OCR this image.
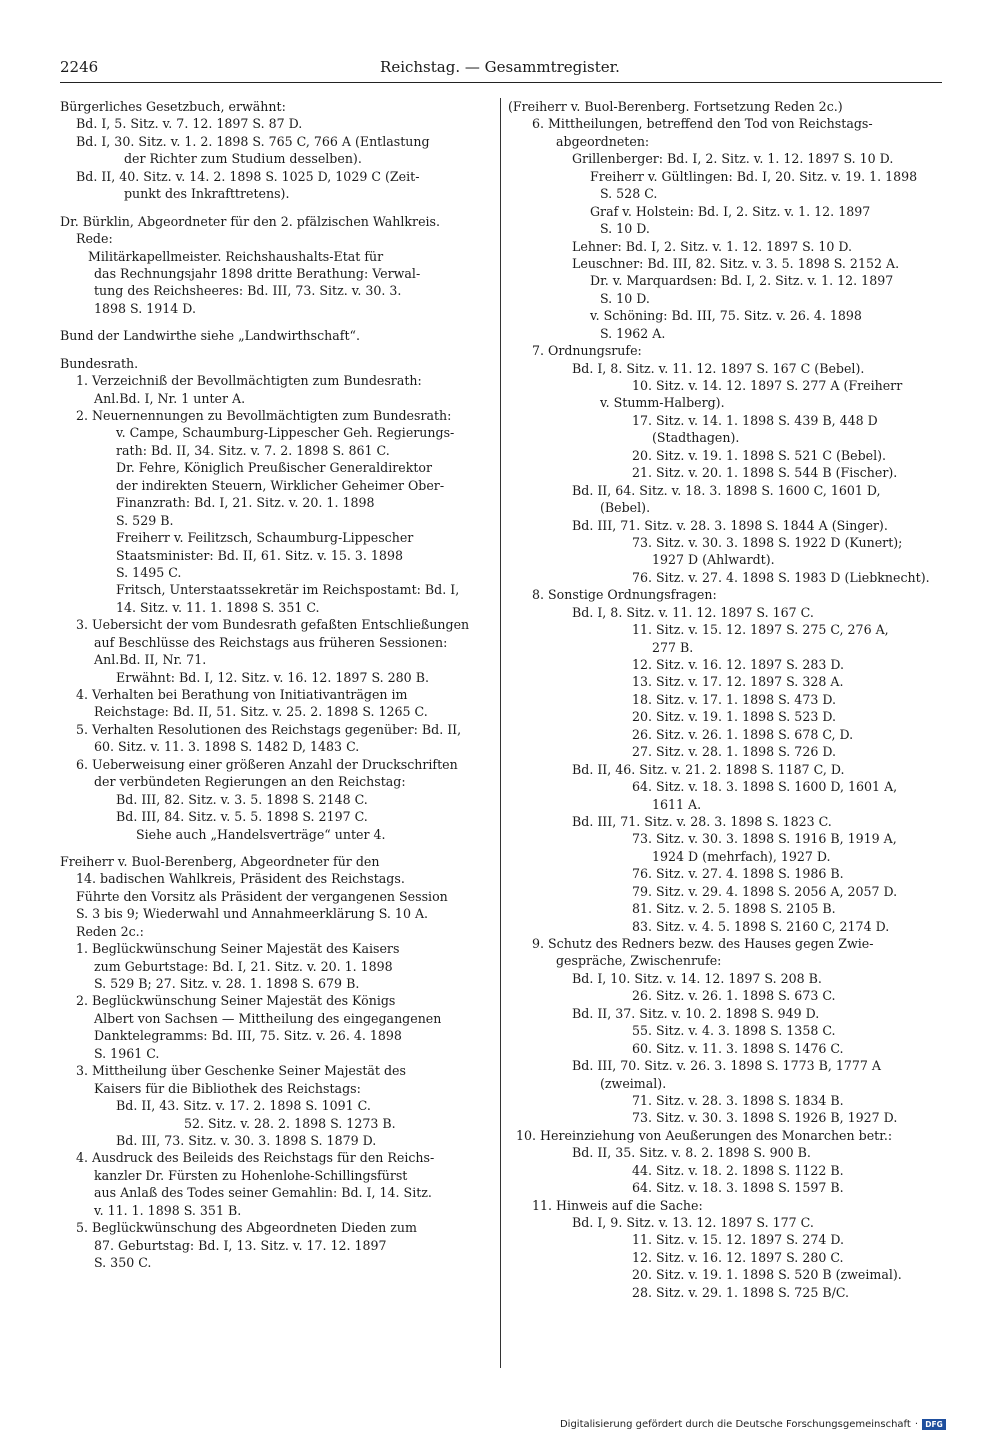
2246	Reichstag. — Gesammtregister.
Bürgerliches Gesetzbuch, erwähnt:
Bd. I, 5. Sitz. v. 7. 12. 1897 S. 87 D.
Bd. I, 30. Sitz. v. 1. 2. 1898 S. 765 C, 766 A (Entlastung
der Richter zum Studium desselben).
Bd. II, 40. Sitz. v. 14. 2. 1898 S. 1025 D, 1029 C (Zeit-
punkt des Inkrafttretens).
Dr. Bürklin, Abgeordneter für den 2. pfälzischen Wahlkreis.
Rede:
Militärkapellmeister. Reichshaushalts-Etat für
das Rechnungsjahr 1898 dritte Berathung: Verwal-
tung des Reichsheeres: Bd. III, 73. Sitz. v. 30. 3.
1898 S. 1914 D.
Bund der Landwirthe siehe „Landwirthschaft“.
Bundesrath.
1. Verzeichniß der Bevollmächtigten zum Bundesrath:
Anl.Bd. I, Nr. 1 unter A.
2. Neuernennungen zu Bevollmächtigten zum Bundesrath:
v. Campe, Schaumburg-Lippescher Geh. Regierungs-
rath: Bd. II, 34. Sitz. v. 7. 2. 1898 S. 861 C.
Dr. Fehre, Königlich Preußischer Generaldirektor
der indirekten Steuern, Wirklicher Geheimer Ober-
Finanzrath: Bd. I, 21. Sitz. v. 20. 1. 1898
S. 529 B.
Freiherr v. Feilitzsch, Schaumburg-Lippescher
Staatsminister: Bd. II, 61. Sitz. v. 15. 3. 1898
S. 1495 C.
Fritsch, Unterstaatssekretär im Reichspostamt: Bd. I,
14. Sitz. v. 11. 1. 1898 S. 351 C.
3. Uebersicht der vom Bundesrath gefaßten Entschließungen
auf Beschlüsse des Reichstags aus früheren Sessionen:
Anl.Bd. II, Nr. 71.
Erwähnt: Bd. I, 12. Sitz. v. 16. 12. 1897 S. 280 B.
4. Verhalten bei Berathung von Initiativanträgen im
Reichstage: Bd. II, 51. Sitz. v. 25. 2. 1898 S. 1265 C.
5. Verhalten Resolutionen des Reichstags gegenüber: Bd. II,
60. Sitz. v. 11. 3. 1898 S. 1482 D, 1483 C.
6. Ueberweisung einer größeren Anzahl der Druckschriften
der verbündeten Regierungen an den Reichstag:
Bd. III, 82. Sitz. v. 3. 5. 1898 S. 2148 C.
Bd. III, 84. Sitz. v. 5. 5. 1898 S. 2197 C.
Siehe auch „Handelsverträge“ unter 4.
Freiherr v. Buol-Berenberg, Abgeordneter für den
14. badischen Wahlkreis, Präsident des Reichstags.
Führte den Vorsitz als Präsident der vergangenen Session
S. 3 bis 9; Wiederwahl und Annahmeerklärung S. 10 A.
Reden 2c.:
1. Beglückwünschung Seiner Majestät des Kaisers
zum Geburtstage: Bd. I, 21. Sitz. v. 20. 1. 1898
S. 529 B; 27. Sitz. v. 28. 1. 1898 S. 679 B.
2. Beglückwünschung Seiner Majestät des Königs
Albert von Sachsen — Mittheilung des eingegangenen
Danktelegramms: Bd. III, 75. Sitz. v. 26. 4. 1898
S. 1961 C.
3. Mittheilung über Geschenke Seiner Majestät des
Kaisers für die Bibliothek des Reichstags:
Bd. II, 43. Sitz. v. 17. 2. 1898 S. 1091 C.
52. Sitz. v. 28. 2. 1898 S. 1273 B.
Bd. III, 73. Sitz. v. 30. 3. 1898 S. 1879 D.
4. Ausdruck des Beileids des Reichstags für den Reichs-
kanzler Dr. Fürsten zu Hohenlohe-Schillingsfürst
aus Anlaß des Todes seiner Gemahlin: Bd. I, 14. Sitz.
v. 11. 1. 1898 S. 351 B.
5. Beglückwünschung des Abgeordneten Dieden zum
87. Geburtstag: Bd. I, 13. Sitz. v. 17. 12. 1897
S. 350 C.
(Freiherr v. Buol-Berenberg. Fortsetzung Reden 2c.)
6. Mittheilungen, betreffend den Tod von Reichstags-
abgeordneten:
Grillenberger: Bd. I, 2. Sitz. v. 1. 12. 1897 S. 10 D.
Freiherr v. Gültlingen: Bd. I, 20. Sitz. v. 19. 1. 1898
S. 528 C.
Graf v. Holstein: Bd. I, 2. Sitz. v. 1. 12. 1897
S. 10 D.
Lehner: Bd. I, 2. Sitz. v. 1. 12. 1897 S. 10 D.
Leuschner: Bd. III, 82. Sitz. v. 3. 5. 1898 S. 2152 A.
Dr. v. Marquardsen: Bd. I, 2. Sitz. v. 1. 12. 1897
S. 10 D.
v. Schöning: Bd. III, 75. Sitz. v. 26. 4. 1898
S. 1962 A.
7. Ordnungsrufe:
Bd. I, 8. Sitz. v. 11. 12. 1897 S. 167 C (Bebel).
10. Sitz. v. 14. 12. 1897 S. 277 A (Freiherr
v. Stumm-Halberg).
17. Sitz. v. 14. 1. 1898 S. 439 B, 448 D
(Stadthagen).
20. Sitz. v. 19. 1. 1898 S. 521 C (Bebel).
21. Sitz. v. 20. 1. 1898 S. 544 B (Fischer).
Bd. II, 64. Sitz. v. 18. 3. 1898 S. 1600 C, 1601 D,
(Bebel).
Bd. III, 71. Sitz. v. 28. 3. 1898 S. 1844 A (Singer).
73. Sitz. v. 30. 3. 1898 S. 1922 D (Kunert);
1927 D (Ahlwardt).
76. Sitz. v. 27. 4. 1898 S. 1983 D (Liebknecht).
8. Sonstige Ordnungsfragen:
Bd. I, 8. Sitz. v. 11. 12. 1897 S. 167 C.
11. Sitz. v. 15. 12. 1897 S. 275 C, 276 A,
277 B.
12. Sitz. v. 16. 12. 1897 S. 283 D.
13. Sitz. v. 17. 12. 1897 S. 328 A.
18. Sitz. v. 17. 1. 1898 S. 473 D.
20. Sitz. v. 19. 1. 1898 S. 523 D.
26. Sitz. v. 26. 1. 1898 S. 678 C, D.
27. Sitz. v. 28. 1. 1898 S. 726 D.
Bd. II, 46. Sitz. v. 21. 2. 1898 S. 1187 C, D.
64. Sitz. v. 18. 3. 1898 S. 1600 D, 1601 A,
1611 A.
Bd. III, 71. Sitz. v. 28. 3. 1898 S. 1823 C.
73. Sitz. v. 30. 3. 1898 S. 1916 B, 1919 A,
1924 D (mehrfach), 1927 D.
76. Sitz. v. 27. 4. 1898 S. 1986 B.
79. Sitz. v. 29. 4. 1898 S. 2056 A, 2057 D.
81. Sitz. v. 2. 5. 1898 S. 2105 B.
83. Sitz. v. 4. 5. 1898 S. 2160 C, 2174 D.
9. Schutz des Redners bezw. des Hauses gegen Zwie-
gespräche, Zwischenrufe:
Bd. I, 10. Sitz. v. 14. 12. 1897 S. 208 B.
26. Sitz. v. 26. 1. 1898 S. 673 C.
Bd. II, 37. Sitz. v. 10. 2. 1898 S. 949 D.
55. Sitz. v. 4. 3. 1898 S. 1358 C.
60. Sitz. v. 11. 3. 1898 S. 1476 C.
Bd. III, 70. Sitz. v. 26. 3. 1898 S. 1773 B, 1777 A
(zweimal).
71. Sitz. v. 28. 3. 1898 S. 1834 B.
73. Sitz. v. 30. 3. 1898 S. 1926 B, 1927 D.
10. Hereinziehung von Aeußerungen des Monarchen betr.:
Bd. II, 35. Sitz. v. 8. 2. 1898 S. 900 B.
44. Sitz. v. 18. 2. 1898 S. 1122 B.
64. Sitz. v. 18. 3. 1898 S. 1597 B.
11. Hinweis auf die Sache:
Bd. I, 9. Sitz. v. 13. 12. 1897 S. 177 C.
11. Sitz. v. 15. 12. 1897 S. 274 D.
12. Sitz. v. 16. 12. 1897 S. 280 C.
20. Sitz. v. 19. 1. 1898 S. 520 B (zweimal).
28. Sitz. v. 29. 1. 1898 S. 725 B/C.
Digitalisierung gefördert durch die Deutsche Forschungsgemeinschaft · DFG
